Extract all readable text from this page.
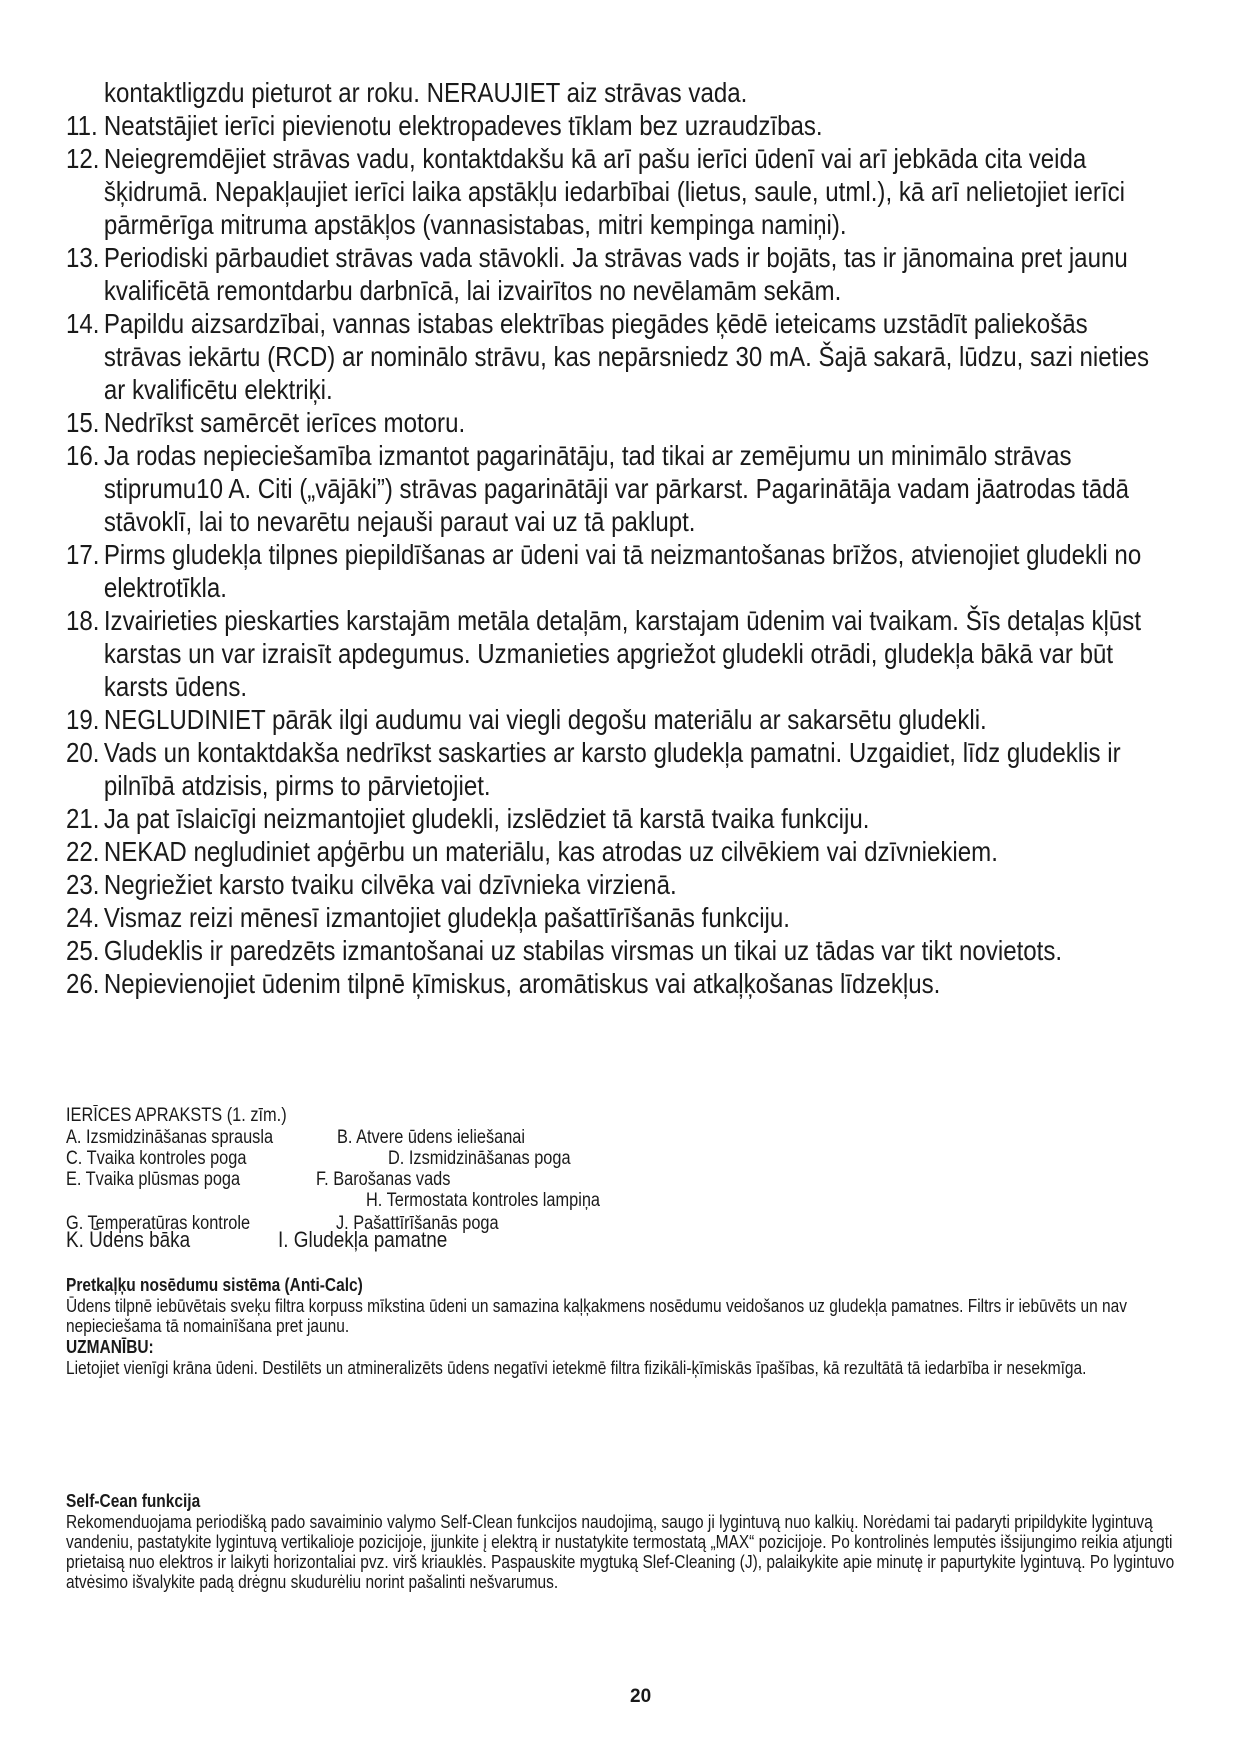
kontaktligzdu pieturot ar roku. NERAUJIET aiz strāvas vada.
11. Neatstājiet ierīci pievienotu elektropadeves tīklam bez uzraudzības.
12. Neiegremdējiet strāvas vadu, kontaktdakšu kā arī pašu ierīci ūdenī vai arī jebkāda cita veida šķidrumā. Nepakļaujiet ierīci laika apstākļu iedarbībai (lietus, saule, utml.), kā arī nelietojiet ierīci pārmērīga mitruma apstākļos (vannasistabas, mitri kempinga namiņi).
13. Periodiski pārbaudiet strāvas vada stāvokli. Ja strāvas vads ir bojāts, tas ir jānomaina pret jaunu kvalificētā remontdarbu darbnīcā, lai izvairītos no nevēlamām sekām.
14. Papildu aizsardzībai, vannas istabas elektrības piegādes ķēdē ieteicams uzstādīt paliekošās strāvas iekārtu (RCD) ar nominālo strāvu, kas nepārsniedz 30 mA. Šajā sakarā, lūdzu, sazi nieties ar kvalificētu elektriķi.
15. Nedrīkst samērcēt ierīces motoru.
16. Ja rodas nepieciešamība izmantot pagarinātāju, tad tikai ar zemējumu un minimālo strāvas stiprumu10 A. Citi („vājāki”) strāvas pagarinātāji var pārkarst. Pagarinātāja vadam jāatrodas tādā stāvoklī, lai to nevarētu nejauši paraut vai uz tā paklupt.
17. Pirms gludekļa tilpnes piepildīšanas ar ūdeni vai tā neizmantošanas brīžos, atvienojiet gludekli no elektrotīkla.
18. Izvairieties pieskarties karstajām metāla detaļām, karstajam ūdenim vai tvaikam. Šīs detaļas kļūst karstas un var izraisīt apdegumus. Uzmanieties apgriežot gludekli otrādi, gludekļa bākā var būt karsts ūdens.
19. NEGLUDINIET pārāk ilgi audumu vai viegli degošu materiālu ar sakarsētu gludekli.
20. Vads un kontaktdakša nedrīkst saskarties ar karsto gludekļa pamatni. Uzgaidiet, līdz gludeklis ir pilnībā atdzisis, pirms to pārvietojiet.
21. Ja pat īslaicīgi neizmantojiet gludekli, izslēdziet tā karstā tvaika funkciju.
22. NEKAD negludiniet apģērbu un materiālu, kas atrodas uz cilvēkiem vai dzīvniekiem.
23. Negriežiet karsto tvaiku cilvēka vai dzīvnieka virzienā.
24. Vismaz reizi mēnesī izmantojiet gludekļa pašattīrīšanās funkciju.
25. Gludeklis ir paredzēts izmantošanai uz stabilas virsmas un tikai uz tādas var tikt novietots.
26. Nepievienojiet ūdenim tilpnē ķīmiskus, aromātiskus vai atkaļķošanas līdzekļus.
IERĪCES APRAKSTS (1. zīm.)
A. Izsmidzināšanas sprausla	B. Atvere ūdens ieliešanai
C. Tvaika kontroles poga	D. Izsmidzināšanas poga
E. Tvaika plūsmas poga	F. Barošanas vads
H. Termostata kontroles lampiņa
G. Temperatūras kontrole	J. Pašattīrīšanās poga
K. Ūdens bāka	I. Gludekļa pamatne
Pretkaļķu nosēdumu sistēma (Anti-Calc)

Ūdens tilpnē iebūvētais sveķu filtra korpuss mīkstina ūdeni un samazina kaļķakmens nosēdumu veidošanos uz gludekļa pamatnes. Filtrs ir iebūvēts un nav nepieciešama tā nomainīšana pret jaunu.

UZMANĪBU:

Lietojiet vienīgi krāna ūdeni. Destilēts un atmineralizēts ūdens negatīvi ietekmē filtra fizikāli-ķīmiskās īpašības, kā rezultātā tā iedarbība ir nesekmīga.

Self-Cean funkcija

Rekomenduojama periodišką pado savaiminio valymo Self-Clean funkcijos naudojimą, saugo ji lygintuvą nuo kalkių. Norėdami tai padaryti pripildykite lygintuvą vandeniu, pastatykite lygintuvą vertikalioje pozicijoje, įjunkite į elektrą ir nustatykite termostatą „MAX“ pozicijoje. Po kontrolinės lemputės išsijungimo reikia atjungti prietaisą nuo elektros ir laikyti horizontaliai pvz. virš kriauklės. Paspauskite mygtuką Slef-Cleaning (J), palaikykite apie minutę ir papurtykite lygintuvą. Po lygintuvo atvėsimo išvalykite padą drėgnu skudurėliu norint pašalinti nešvarumus.

20
